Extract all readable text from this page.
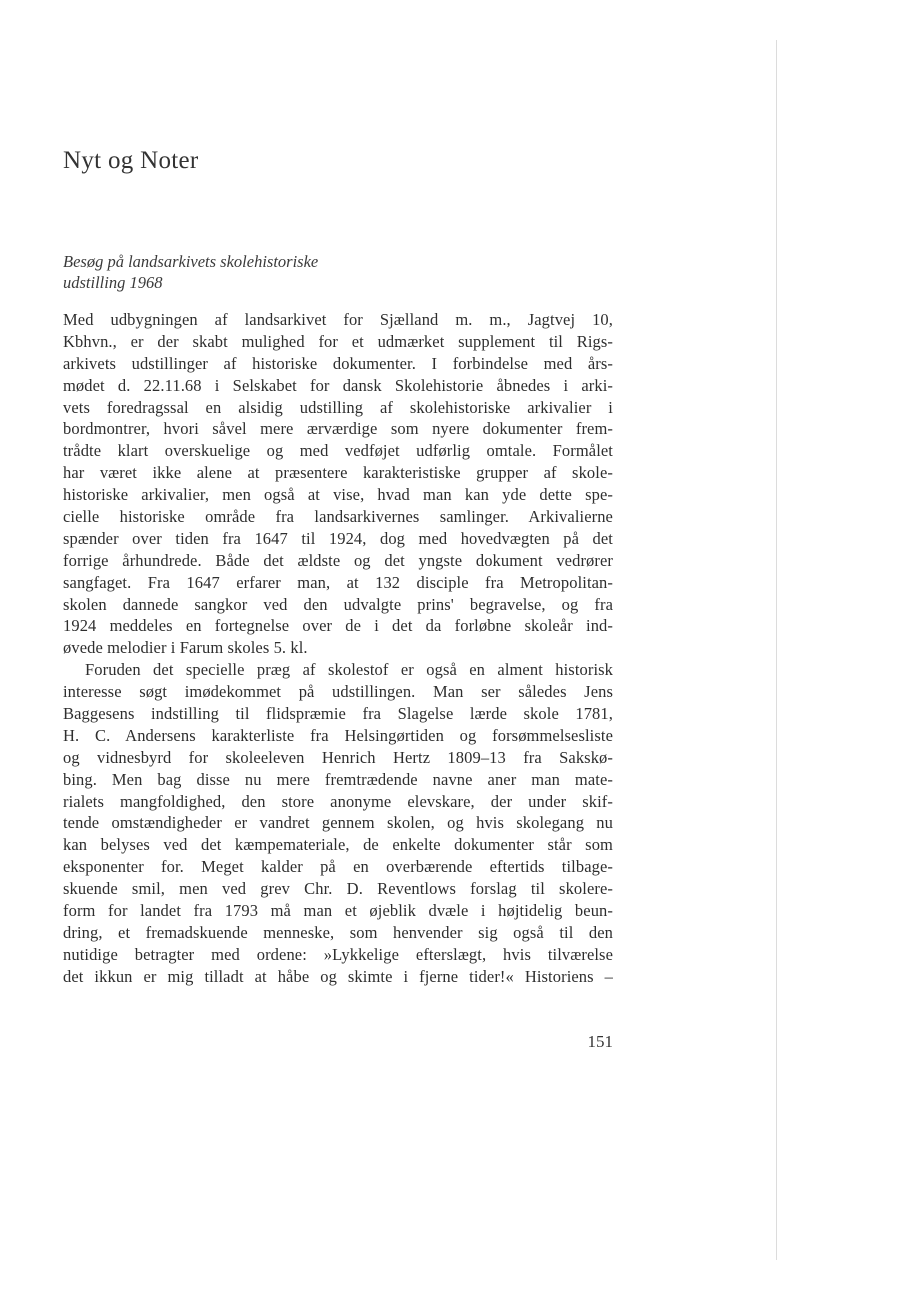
Nyt og Noter
Besøg på landsarkivets skolehistoriske
udstilling 1968
Med udbygningen af landsarkivet for Sjælland m. m., Jagtvej 10,
Kbhvn., er der skabt mulighed for et udmærket supplement til Rigs-
arkivets udstillinger af historiske dokumenter. I forbindelse med års-
mødet d. 22.11.68 i Selskabet for dansk Skolehistorie åbnedes i arki-
vets foredragssal en alsidig udstilling af skolehistoriske arkivalier i
bordmontrer, hvori såvel mere ærværdige som nyere dokumenter frem-
trådte klart overskuelige og med vedføjet udførlig omtale. Formålet
har været ikke alene at præsentere karakteristiske grupper af skole-
historiske arkivalier, men også at vise, hvad man kan yde dette spe-
cielle historiske område fra landsarkivernes samlinger. Arkivalierne
spænder over tiden fra 1647 til 1924, dog med hovedvægten på det
forrige århundrede. Både det ældste og det yngste dokument vedrører
sangfaget. Fra 1647 erfarer man, at 132 disciple fra Metropolitan-
skolen dannede sangkor ved den udvalgte prins' begravelse, og fra
1924 meddeles en fortegnelse over de i det da forløbne skoleår ind-
øvede melodier i Farum skoles 5. kl.
Foruden det specielle præg af skolestof er også en alment historisk
interesse søgt imødekommet på udstillingen. Man ser således Jens
Baggesens indstilling til flidspræmie fra Slagelse lærde skole 1781,
H. C. Andersens karakterliste fra Helsingørtiden og forsømmelsesliste
og vidnesbyrd for skoleeleven Henrich Hertz 1809–13 fra Sakskø-
bing. Men bag disse nu mere fremtrædende navne aner man mate-
rialets mangfoldighed, den store anonyme elevskare, der under skif-
tende omstændigheder er vandret gennem skolen, og hvis skolegang nu
kan belyses ved det kæmpemateriale, de enkelte dokumenter står som
eksponenter for. Meget kalder på en overbærende eftertids tilbage-
skuende smil, men ved grev Chr. D. Reventlows forslag til skolere-
form for landet fra 1793 må man et øjeblik dvæle i højtidelig beun-
dring, et fremadskuende menneske, som henvender sig også til den
nutidige betragter med ordene: »Lykkelige efterslægt, hvis tilværelse
det ikkun er mig tilladt at håbe og skimte i fjerne tider!« Historiens –
151
